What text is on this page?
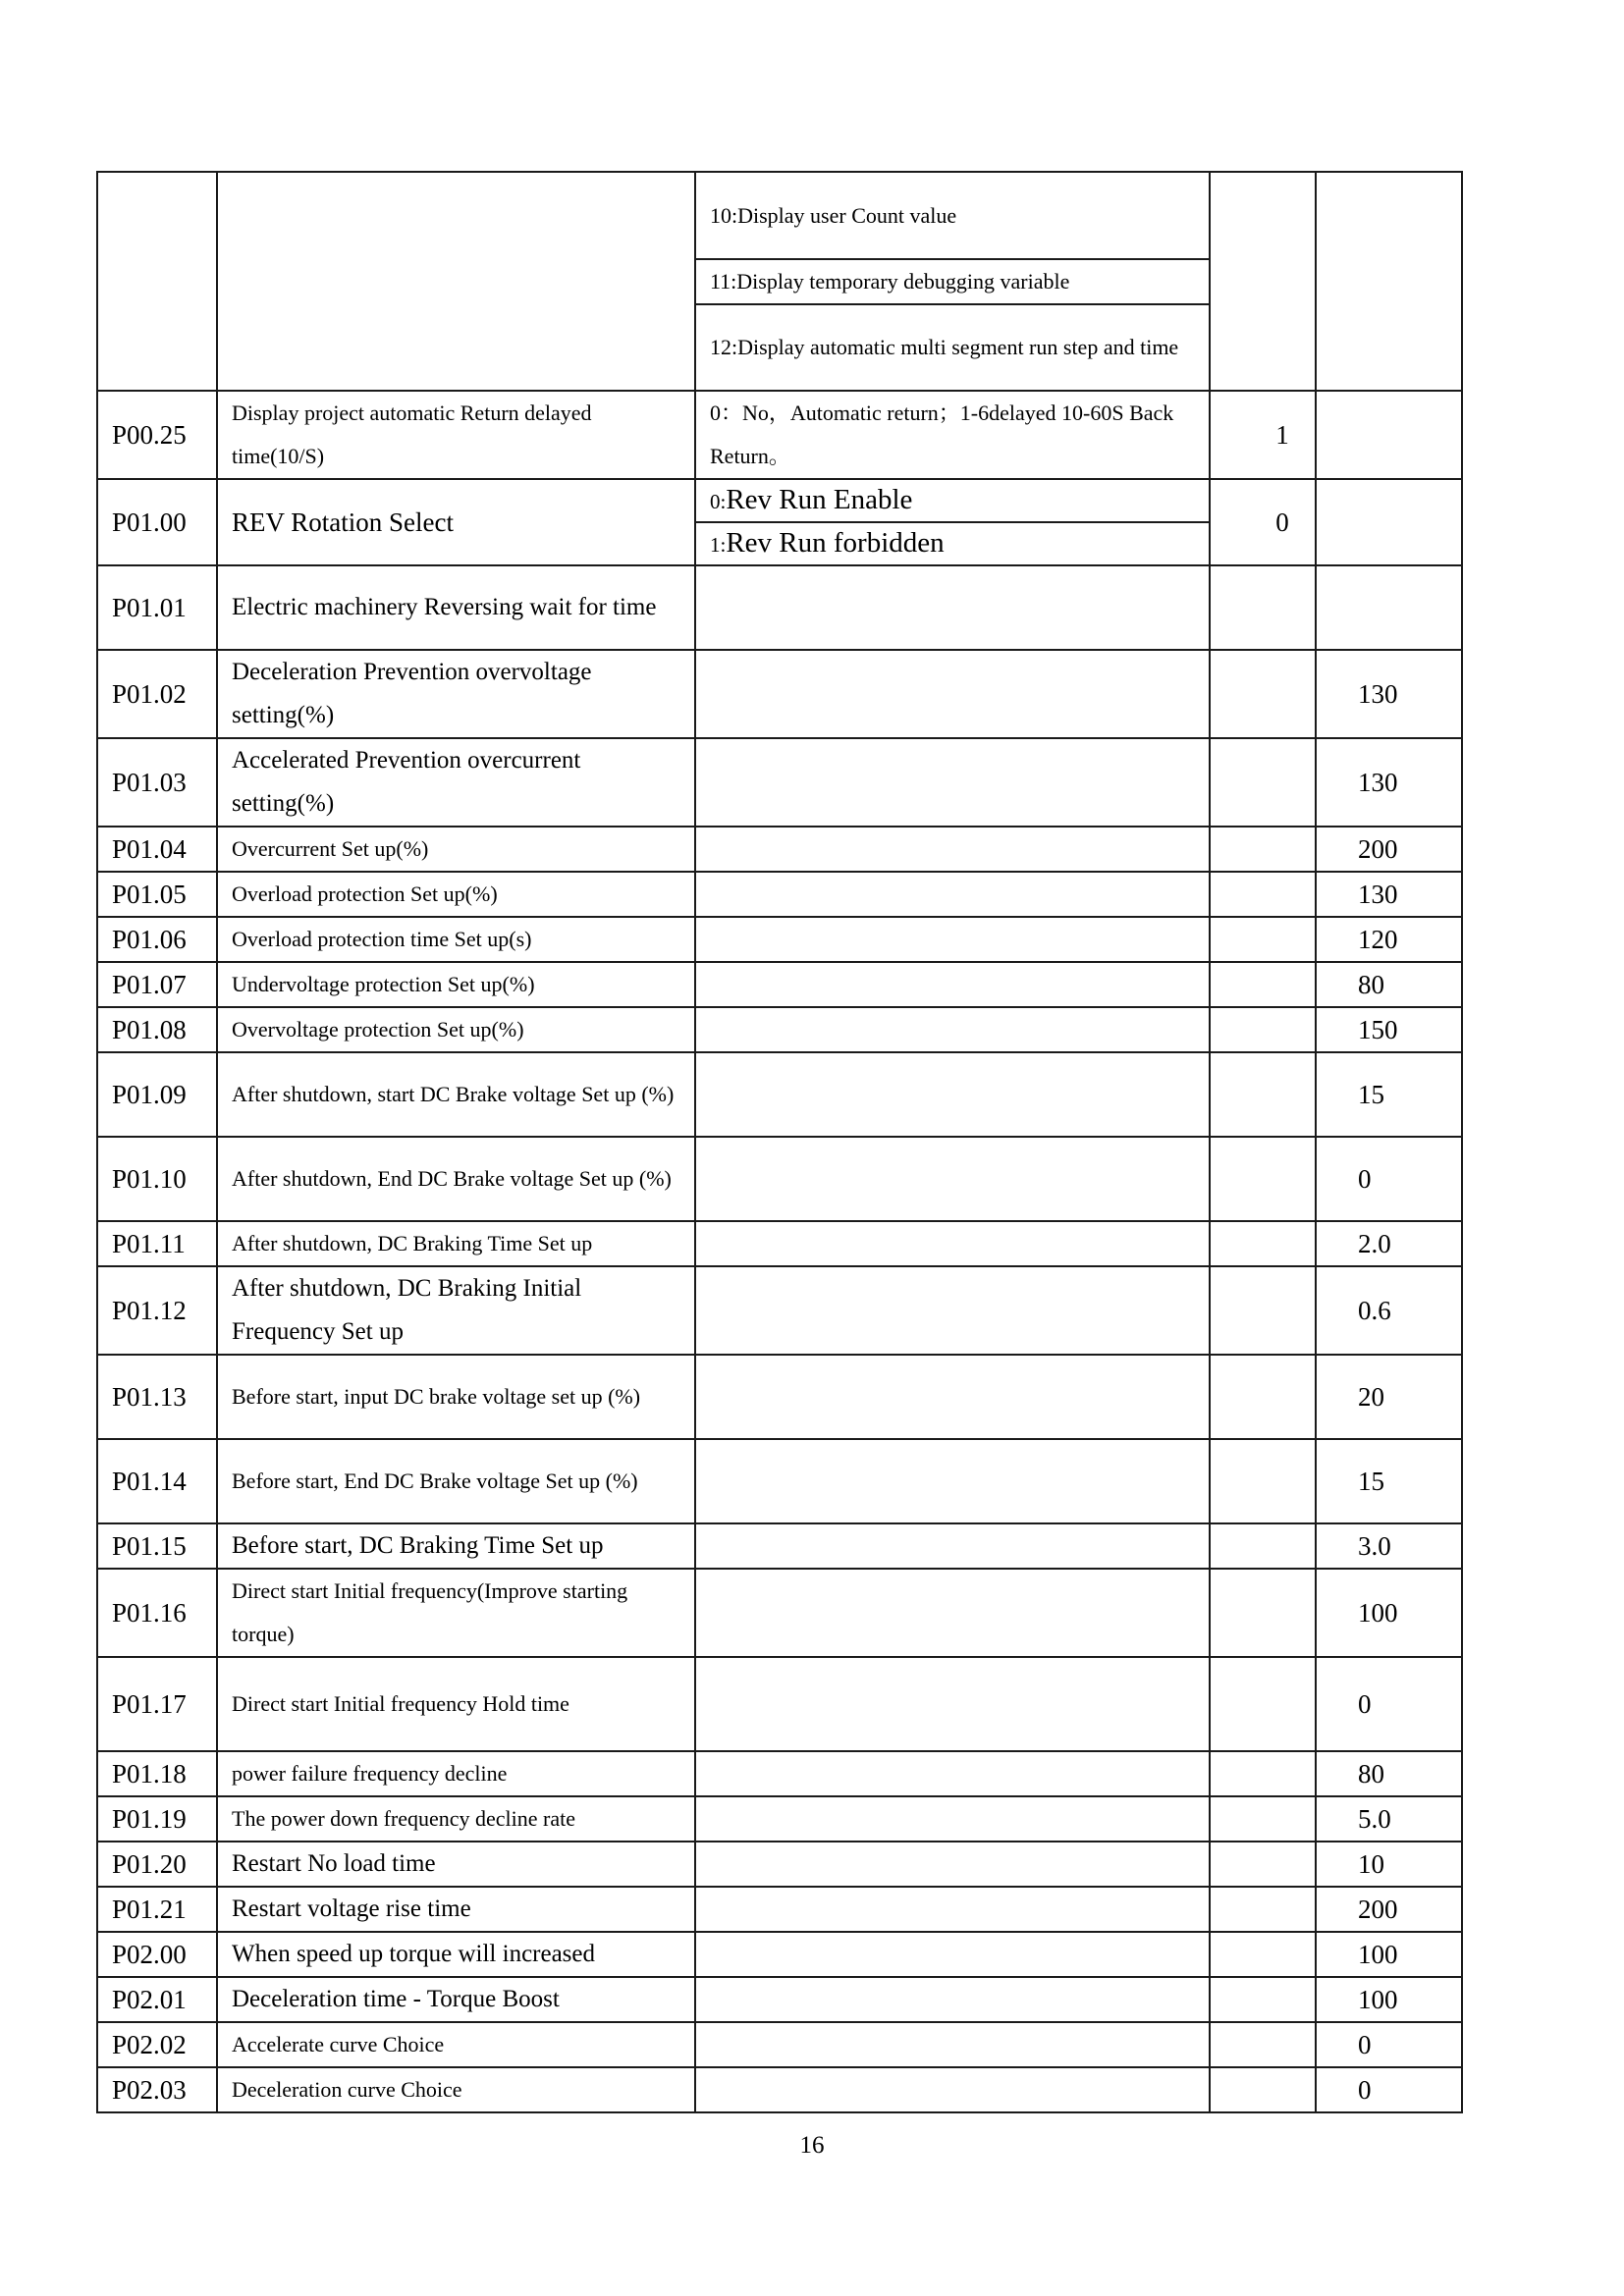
		10:Display user Count value		
		11:Display temporary debugging variable		
		12:Display automatic multi segment run step and time		
P00.25	Display project automatic Return delayed time(10/S)	0：No，Automatic return；1-6delayed 10-60S Back Return。	1	
P01.00	REV Rotation Select	0:Rev Run Enable	0	
		1:Rev Run forbidden		
P01.01	Electric machinery Reversing wait for time			
P01.02	Deceleration Prevention overvoltage setting(%)			130
P01.03	Accelerated Prevention overcurrent setting(%)			130
P01.04	Overcurrent Set up(%)			200
P01.05	Overload protection Set up(%)			130
P01.06	Overload protection time Set up(s)			120
P01.07	Undervoltage protection Set up(%)			80
P01.08	Overvoltage protection Set up(%)			150
P01.09	After shutdown, start DC Brake voltage Set up (%)			15
P01.10	After shutdown, End DC Brake voltage Set up (%)			0
P01.11	After shutdown, DC Braking Time Set up			2.0
P01.12	After shutdown, DC Braking Initial Frequency Set up			0.6
P01.13	Before start, input DC brake voltage set up (%)			20
P01.14	Before start, End DC Brake voltage Set up (%)			15
P01.15	Before start, DC Braking Time Set up			3.0
P01.16	Direct start Initial frequency(Improve starting torque)			100
P01.17	Direct start Initial frequency Hold time			0
P01.18	power failure frequency decline			80
P01.19	The power down frequency decline rate			5.0
P01.20	Restart No load time			10
P01.21	Restart voltage rise time			200
P02.00	When speed up torque will increased			100
P02.01	Deceleration time - Torque Boost			100
P02.02	Accelerate curve Choice			0
P02.03	Deceleration curve Choice			0
16
